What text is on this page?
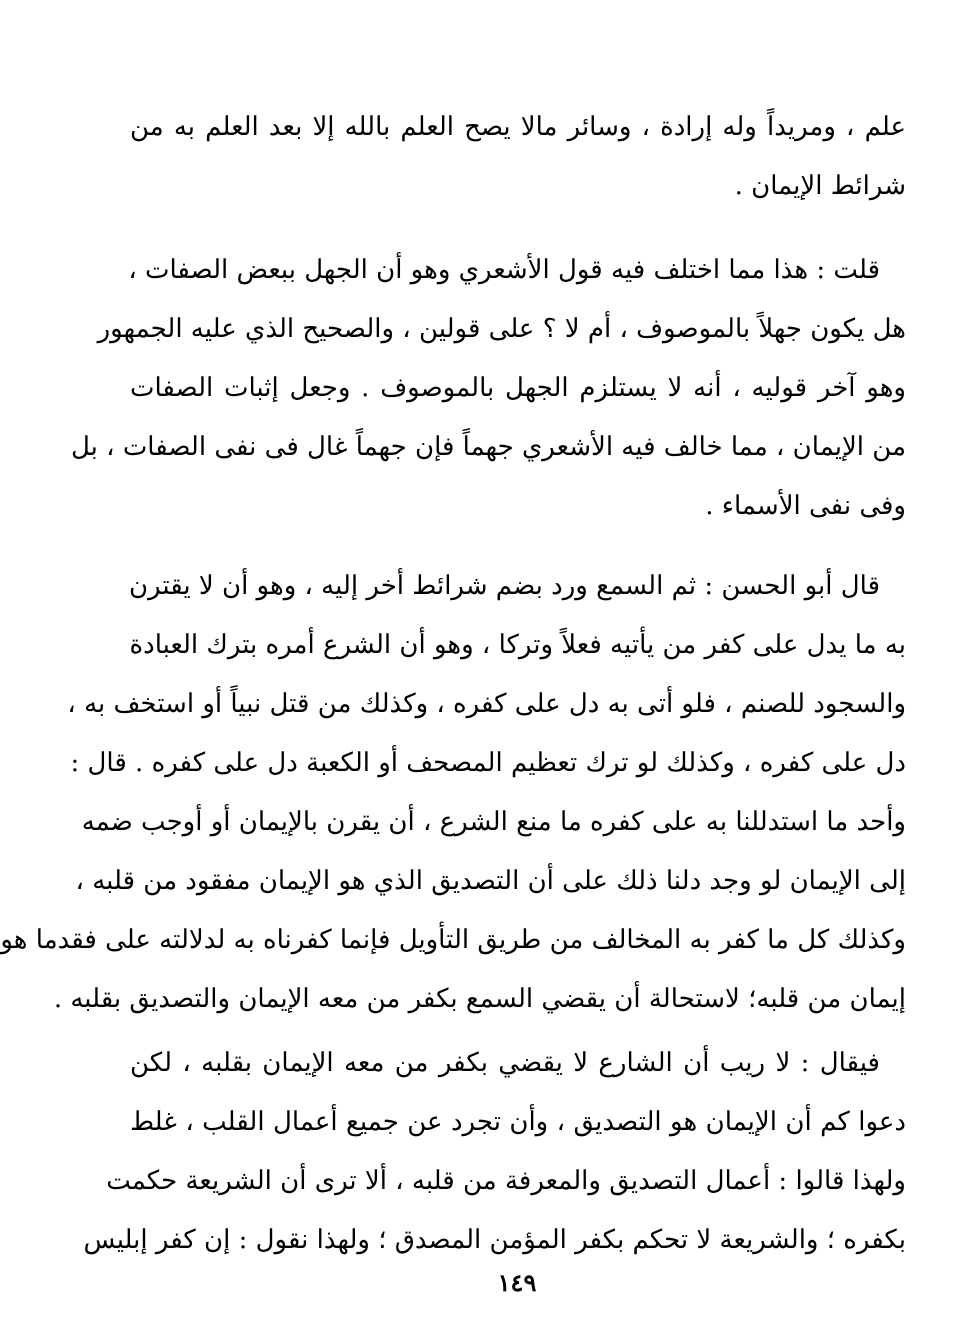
علم ، ومريداً وله إرادة ، وسائر مالا يصح العلم بالله إلا بعد العلم به من
شرائط الإيمان .
قلت : هذا مما اختلف فيه قول الأشعري وهو أن الجهل ببعض الصفات ،
هل يكون جهلاً بالموصوف ، أم لا ؟ على قولين ، والصحيح الذي عليه الجمهور
وهو آخر قوليه ، أنه لا يستلزم الجهل بالموصوف . وجعل إثبات الصفات
من الإيمان ، مما خالف فيه الأشعري جهماً فإن جهماً غال فى نفى الصفات ، بل
وفى نفى الأسماء .
قال أبو الحسن : ثم السمع ورد بضم شرائط أخر إليه ، وهو أن لا يقترن
به ما يدل على كفر من يأتيه فعلاً وتركا ، وهو أن الشرع أمره بترك العبادة
والسجود للصنم ، فلو أتى به دل على كفره ، وكذلك من قتل نبياً أو استخف به ،
دل على كفره ، وكذلك لو ترك تعظيم المصحف أو الكعبة دل على كفره . قال :
وأحد ما استدللنا به على كفره ما منع الشرع ، أن يقرن بالإيمان أو أوجب ضمه
إلى الإيمان لو وجد دلنا ذلك على أن التصديق الذي هو الإيمان مفقود من قلبه ،
وكذلك كل ما كفر به المخالف من طريق التأويل فإنما كفرناه به لدلالته على فقدما هو
إيمان من قلبه؛ لاستحالة أن يقضي السمع بكفر من معه الإيمان والتصديق بقلبه .
فيقال : لا ريب أن الشارع لا يقضي بكفر من معه الإيمان بقلبه ، لكن
دعوا كم أن الإيمان هو التصديق ، وأن تجرد عن جميع أعمال القلب ، غلط
ولهذا قالوا : أعمال التصديق والمعرفة من قلبه ، ألا ترى أن الشريعة حكمت
بكفره ؛ والشريعة لا تحكم بكفر المؤمن المصدق ؛ ولهذا نقول : إن كفر إبليس
١٤٩
